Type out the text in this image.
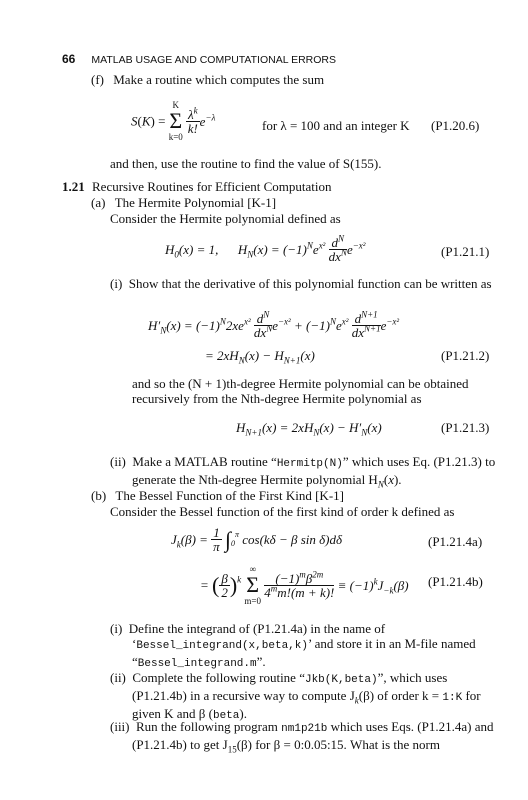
66 MATLAB USAGE AND COMPUTATIONAL ERRORS
(f) Make a routine which computes the sum
S(K) =
K
Σ
k=0

$\frac{\lambda^k}{k!} e^{-\lambda}$
for λ = 100 and an integer K (P1.20.6)
and then, use the routine to find the value of S(155).
1.21 Recursive Routines for Efficient Computation
(a) The Hermite Polynomial [K-1]
Consider the Hermite polynomial defined as
$H_0(x) = 1$,      $H_N(x) = (-1)^Ne^{x^2} \frac{d^N}{dx^N} e^{-x^2}$	(P1.21.1)
(i) Show that the derivative of this polynomial function can be written as
$H'_N(x) = (-1)^N2xe^{x^2} \frac{d^N}{dx^N} e^{-x^2} + (-1)^Ne^{x^2} \frac{d^{N+1}}{dx^{N+1}} e^{-x^2}$
= $2xH_N(x) - H_{N+1}(x)$	(P1.21.2)
and so the (N + 1)th-degree Hermite polynomial can be obtained recursively from the Nth-degree Hermite polynomial as
$H_{N+1}(x) = 2xH_N(x) - H'_N(x)$	(P1.21.3)
(ii) Make a MATLAB routine “Hermitp(N)” which uses Eq. (P1.21.3) to generate the Nth-degree Hermite polynomial $H_N(x)$.
(b) The Bessel Function of the First Kind [K-1]
Consider the Bessel function of the first kind of order k defined as
$J_k(\beta) = \frac{1}{\pi} \int_0^\pi$ cos(kδ − β sin δ)dδ	(P1.21.4a)
= ( $\frac{\beta}{2} )^k$
∞
Σ
m=0

$\frac{(-1)^m\beta^{2m}}{4^mm!(m + k)!} \equiv (-1)^kJ_{-k}(\beta)$ (P1.21.4b)
(i) Define the integrand of (P1.21.4a) in the name of ‘Bessel_integrand(x,beta,k)’ and store it in an M-file named “Bessel_integrand.m”.
(ii) Complete the following routine “Jkb(K,beta)”, which uses (P1.21.4b) in a recursive way to compute $J_k(\beta)$ of order k = 1:K for given K and β (beta).
(iii) Run the following program nm1p21b which uses Eqs. (P1.21.4a) and (P1.21.4b) to get $J_{15}(\beta)$ for β = 0:0.05:15. What is the norm
